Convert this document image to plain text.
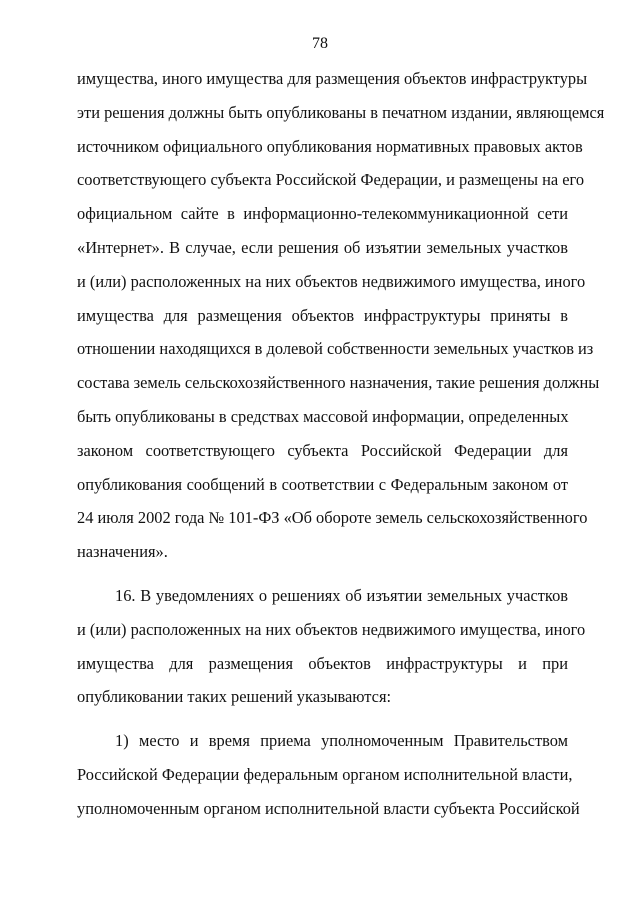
78
имущества, иного имущества для размещения объектов инфраструктуры
эти решения должны быть опубликованы в печатном издании, являющемся
источником официального опубликования нормативных правовых актов
соответствующего субъекта Российской Федерации, и размещены на его
официальном сайте в информационно-телекоммуникационной сети
«Интернет». В случае, если решения об изъятии земельных участков
и (или) расположенных на них объектов недвижимого имущества, иного
имущества для размещения объектов инфраструктуры приняты в
отношении находящихся в долевой собственности земельных участков из
состава земель сельскохозяйственного назначения, такие решения должны
быть опубликованы в средствах массовой информации, определенных
законом соответствующего субъекта Российской Федерации для
опубликования сообщений в соответствии с Федеральным законом от
24 июля 2002 года № 101-ФЗ «Об обороте земель сельскохозяйственного
назначения».
16. В уведомлениях о решениях об изъятии земельных участков
и (или) расположенных на них объектов недвижимого имущества, иного
имущества для размещения объектов инфраструктуры и при
опубликовании таких решений указываются:
1) место и время приема уполномоченным Правительством
Российской Федерации федеральным органом исполнительной власти,
уполномоченным органом исполнительной власти субъекта Российской
